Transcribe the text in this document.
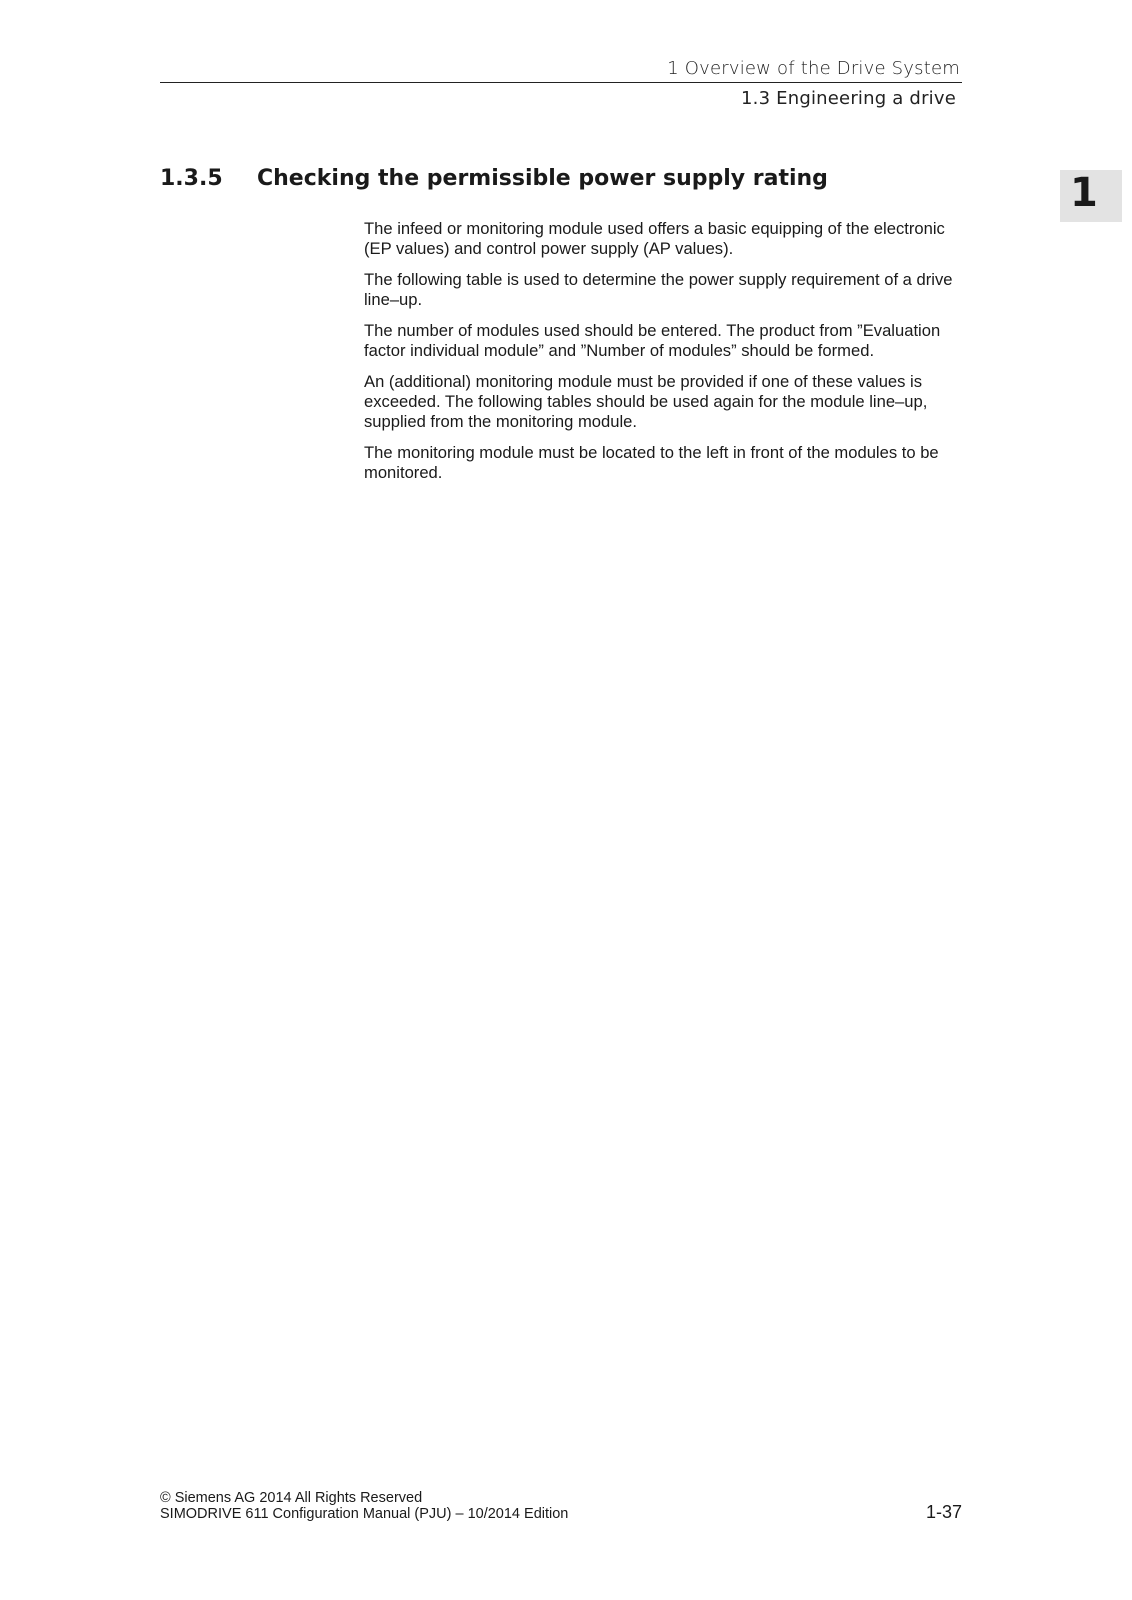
1 Overview of the Drive System
1.3 Engineering a drive
1
1.3.5 Checking the permissible power supply rating

The infeed or monitoring module used offers a basic equipping of the electronic (EP values) and control power supply (AP values).

The following table is used to determine the power supply requirement of a drive line–up.

The number of modules used should be entered. The product from ”Evaluation factor individual module” and ”Number of modules” should be formed.

An (additional) monitoring module must be provided if one of these values is exceeded. The following tables should be used again for the module line–up, supplied from the monitoring module.

The monitoring module must be located to the left in front of the modules to be monitored.

© Siemens AG 2014 All Rights Reserved
SIMODRIVE 611 Configuration Manual (PJU) – 10/2014 Edition	1-37
